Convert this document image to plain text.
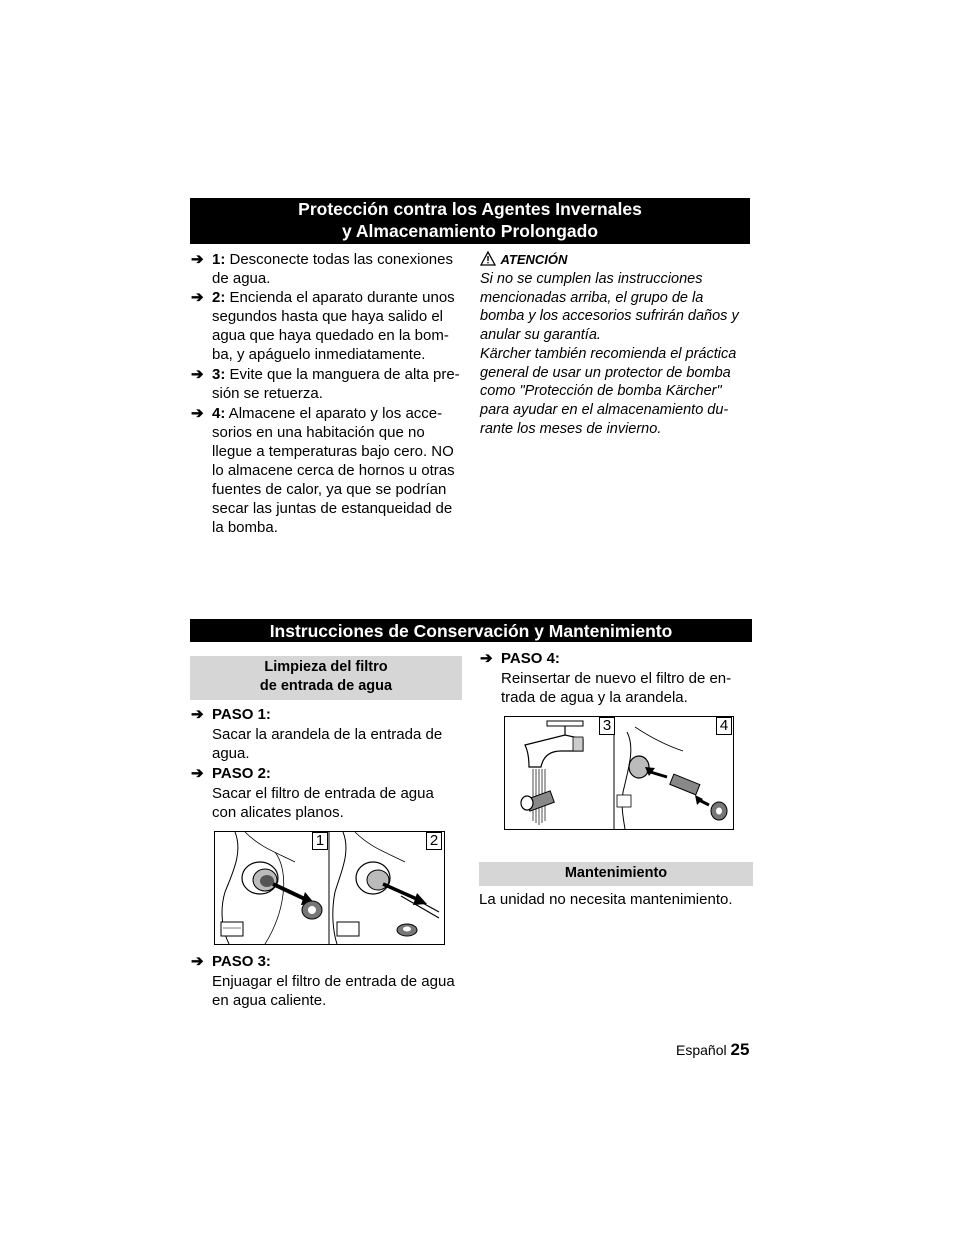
Protección contra los Agentes Invernales
y Almacenamiento Prolongado
➔ 1: Desconecte todas las conexiones
de agua.
➔ 2: Encienda el aparato durante unos
segundos hasta que haya salido el
agua que haya quedado en la bom-
ba, y apáguelo inmediatamente.
➔ 3: Evite que la manguera de alta pre-
sión se retuerza.
➔ 4: Almacene el aparato y los acce-
sorios en una habitación que no
llegue a temperaturas bajo cero. NO
lo almacene cerca de hornos u otras
fuentes de calor, ya que se podrían
secar las juntas de estanqueidad de
la bomba.
ATENCIÓN
Si no se cumplen las instrucciones
mencionadas arriba, el grupo de la
bomba y los accesorios sufrirán daños y
anular su garantía.
Kärcher también recomienda el práctica
general de usar un protector de bomba
como "Protección de bomba Kärcher"
para ayudar en el almacenamiento du-
rante los meses de invierno.
Instrucciones de Conservación y Mantenimiento
Limpieza del filtro
de entrada de agua
➔ PASO 1:
Sacar la arandela de la entrada de
agua.
➔ PASO 2:
Sacar el filtro de entrada de agua
con alicates planos.
1	2
➔ PASO 3:
Enjuagar el filtro de entrada de agua
en agua caliente.
➔ PASO 4:
Reinsertar de nuevo el filtro de en-
trada de agua y la arandela.
3	4
Mantenimiento
La unidad no necesita mantenimiento.
Español 25
